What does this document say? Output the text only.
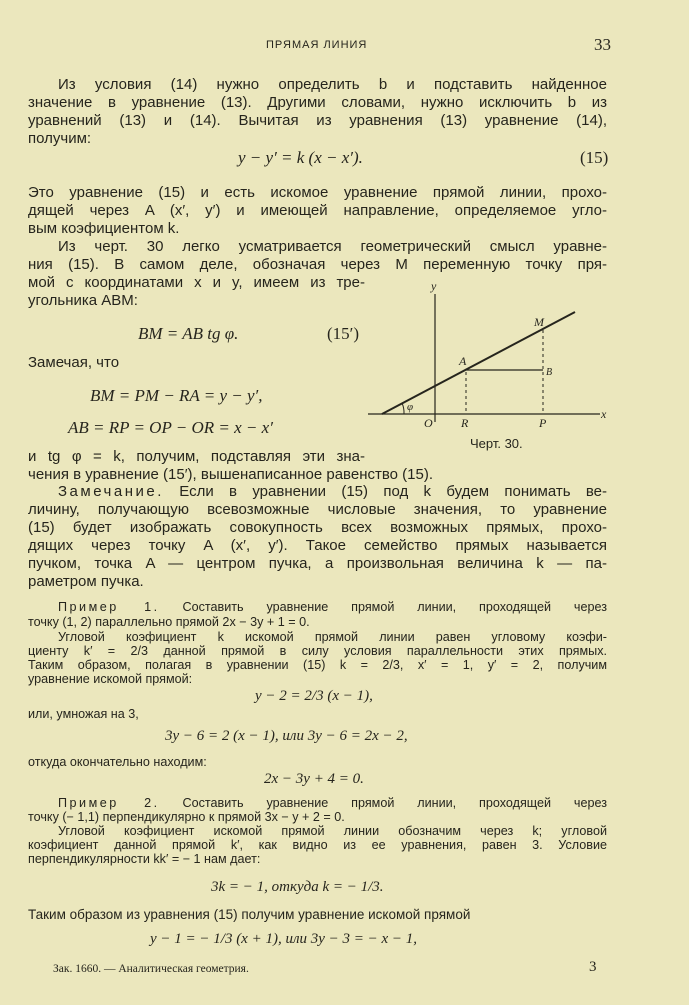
ПРЯМАЯ ЛИНИЯ	33
Из условия (14) нужно определить b и подставить найденное
значение в уравнение (13). Другими словами, нужно исключить b из
уравнений (13) и (14). Вычитая из уравнения (13) уравнение (14),
получим:
y − y′ = k (x − x′).	(15)
Это уравнение (15) и есть искомое уравнение прямой линии, прохо-
дящей через A (x′, y′) и имеющей направление, определяемое угло-
вым коэфициентом k.
Из черт. 30 легко усматривается геометрический смысл уравне-
ния (15). В самом деле, обозначая через M переменную точку пря-
мой с координатами x и y, имеем из тре-
угольника ABM:
BM = AB tg φ.	(15′)
Замечая, что
BM = PM − RA = y − y′,
AB = RP = OP − OR = x − x′
и tg φ = k, получим, подставляя эти зна-
чения в уравнение (15′), вышенаписанное равенство (15).
y
x
M
A
B
O R	P
φ
Черт. 30.
Замечание. Если в уравнении (15) под k будем понимать ве-
личину, получающую всевозможные числовые значения, то уравнение
(15) будет изображать совокупность всех возможных прямых, прохо-
дящих через точку A (x′, y′). Такое семейство прямых называется
пучком, точка A — центром пучка, а произвольная величина k — па-
раметром пучка.
Пример 1. Составить уравнение прямой линии, проходящей через
точку (1, 2) параллельно прямой 2x − 3y + 1 = 0.
Угловой коэфициент k искомой прямой линии равен угловому коэфи-
циенту k′ = 2/3 данной прямой в силу условия параллельности этих прямых.
Таким образом, полагая в уравнении (15) k = 2/3, x′ = 1, y′ = 2, получим
уравнение искомой прямой:
y − 2 = 2/3 (x − 1),
или, умножая на 3,
3y − 6 = 2 (x − 1), или 3y − 6 = 2x − 2,
откуда окончательно находим:
2x − 3y + 4 = 0.
Пример 2. Составить уравнение прямой линии, проходящей через
точку (− 1,1) перпендикулярно к прямой 3x − y + 2 = 0.
Угловой коэфициент искомой прямой линии обозначим через k; угловой
коэфициент данной прямой k′, как видно из ее уравнения, равен 3. Условие
перпендикулярности kk′ = − 1 нам дает:
3k = − 1, откуда k = − 1/3.
Таким образом из уравнения (15) получим уравнение искомой прямой
y − 1 = − 1/3 (x + 1), или 3y − 3 = − x − 1,
Зак. 1660. — Аналитическая геометрия.	3
